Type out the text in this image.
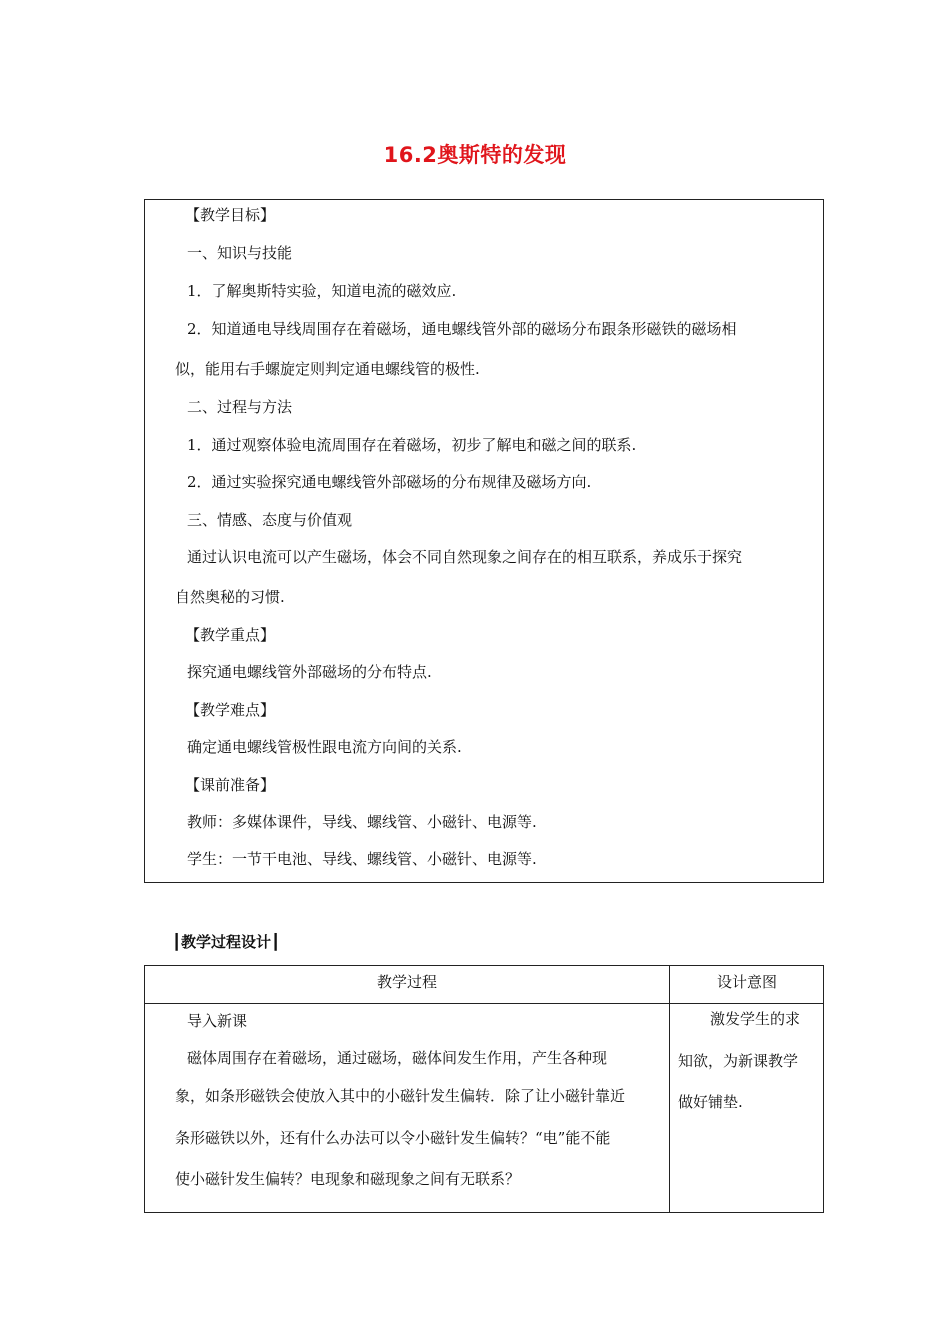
16.2奥斯特的发现
【教学目标】
一、知识与技能
1．了解奥斯特实验，知道电流的磁效应.
2．知道通电导线周围存在着磁场，通电螺线管外部的磁场分布跟条形磁铁的磁场相
似，能用右手螺旋定则判定通电螺线管的极性.
二、过程与方法
1．通过观察体验电流周围存在着磁场，初步了解电和磁之间的联系.
2．通过实验探究通电螺线管外部磁场的分布规律及磁场方向.
三、情感、态度与价值观
通过认识电流可以产生磁场，体会不同自然现象之间存在的相互联系，养成乐于探究
自然奥秘的习惯.
【教学重点】
探究通电螺线管外部磁场的分布特点.
【教学难点】
确定通电螺线管极性跟电流方向间的关系.
【课前准备】
教师：多媒体课件，导线、螺线管、小磁针、电源等.
学生：一节干电池、导线、螺线管、小磁针、电源等.
┃教学过程设计┃
教学过程	设计意图
导入新课
磁体周围存在着磁场，通过磁场，磁体间发生作用，产生各种现
象，如条形磁铁会使放入其中的小磁针发生偏转．除了让小磁针靠近
条形磁铁以外，还有什么办法可以令小磁针发生偏转？“电”能不能
使小磁针发生偏转？电现象和磁现象之间有无联系？
激发学生的求
知欲，为新课教学
做好铺垫.
